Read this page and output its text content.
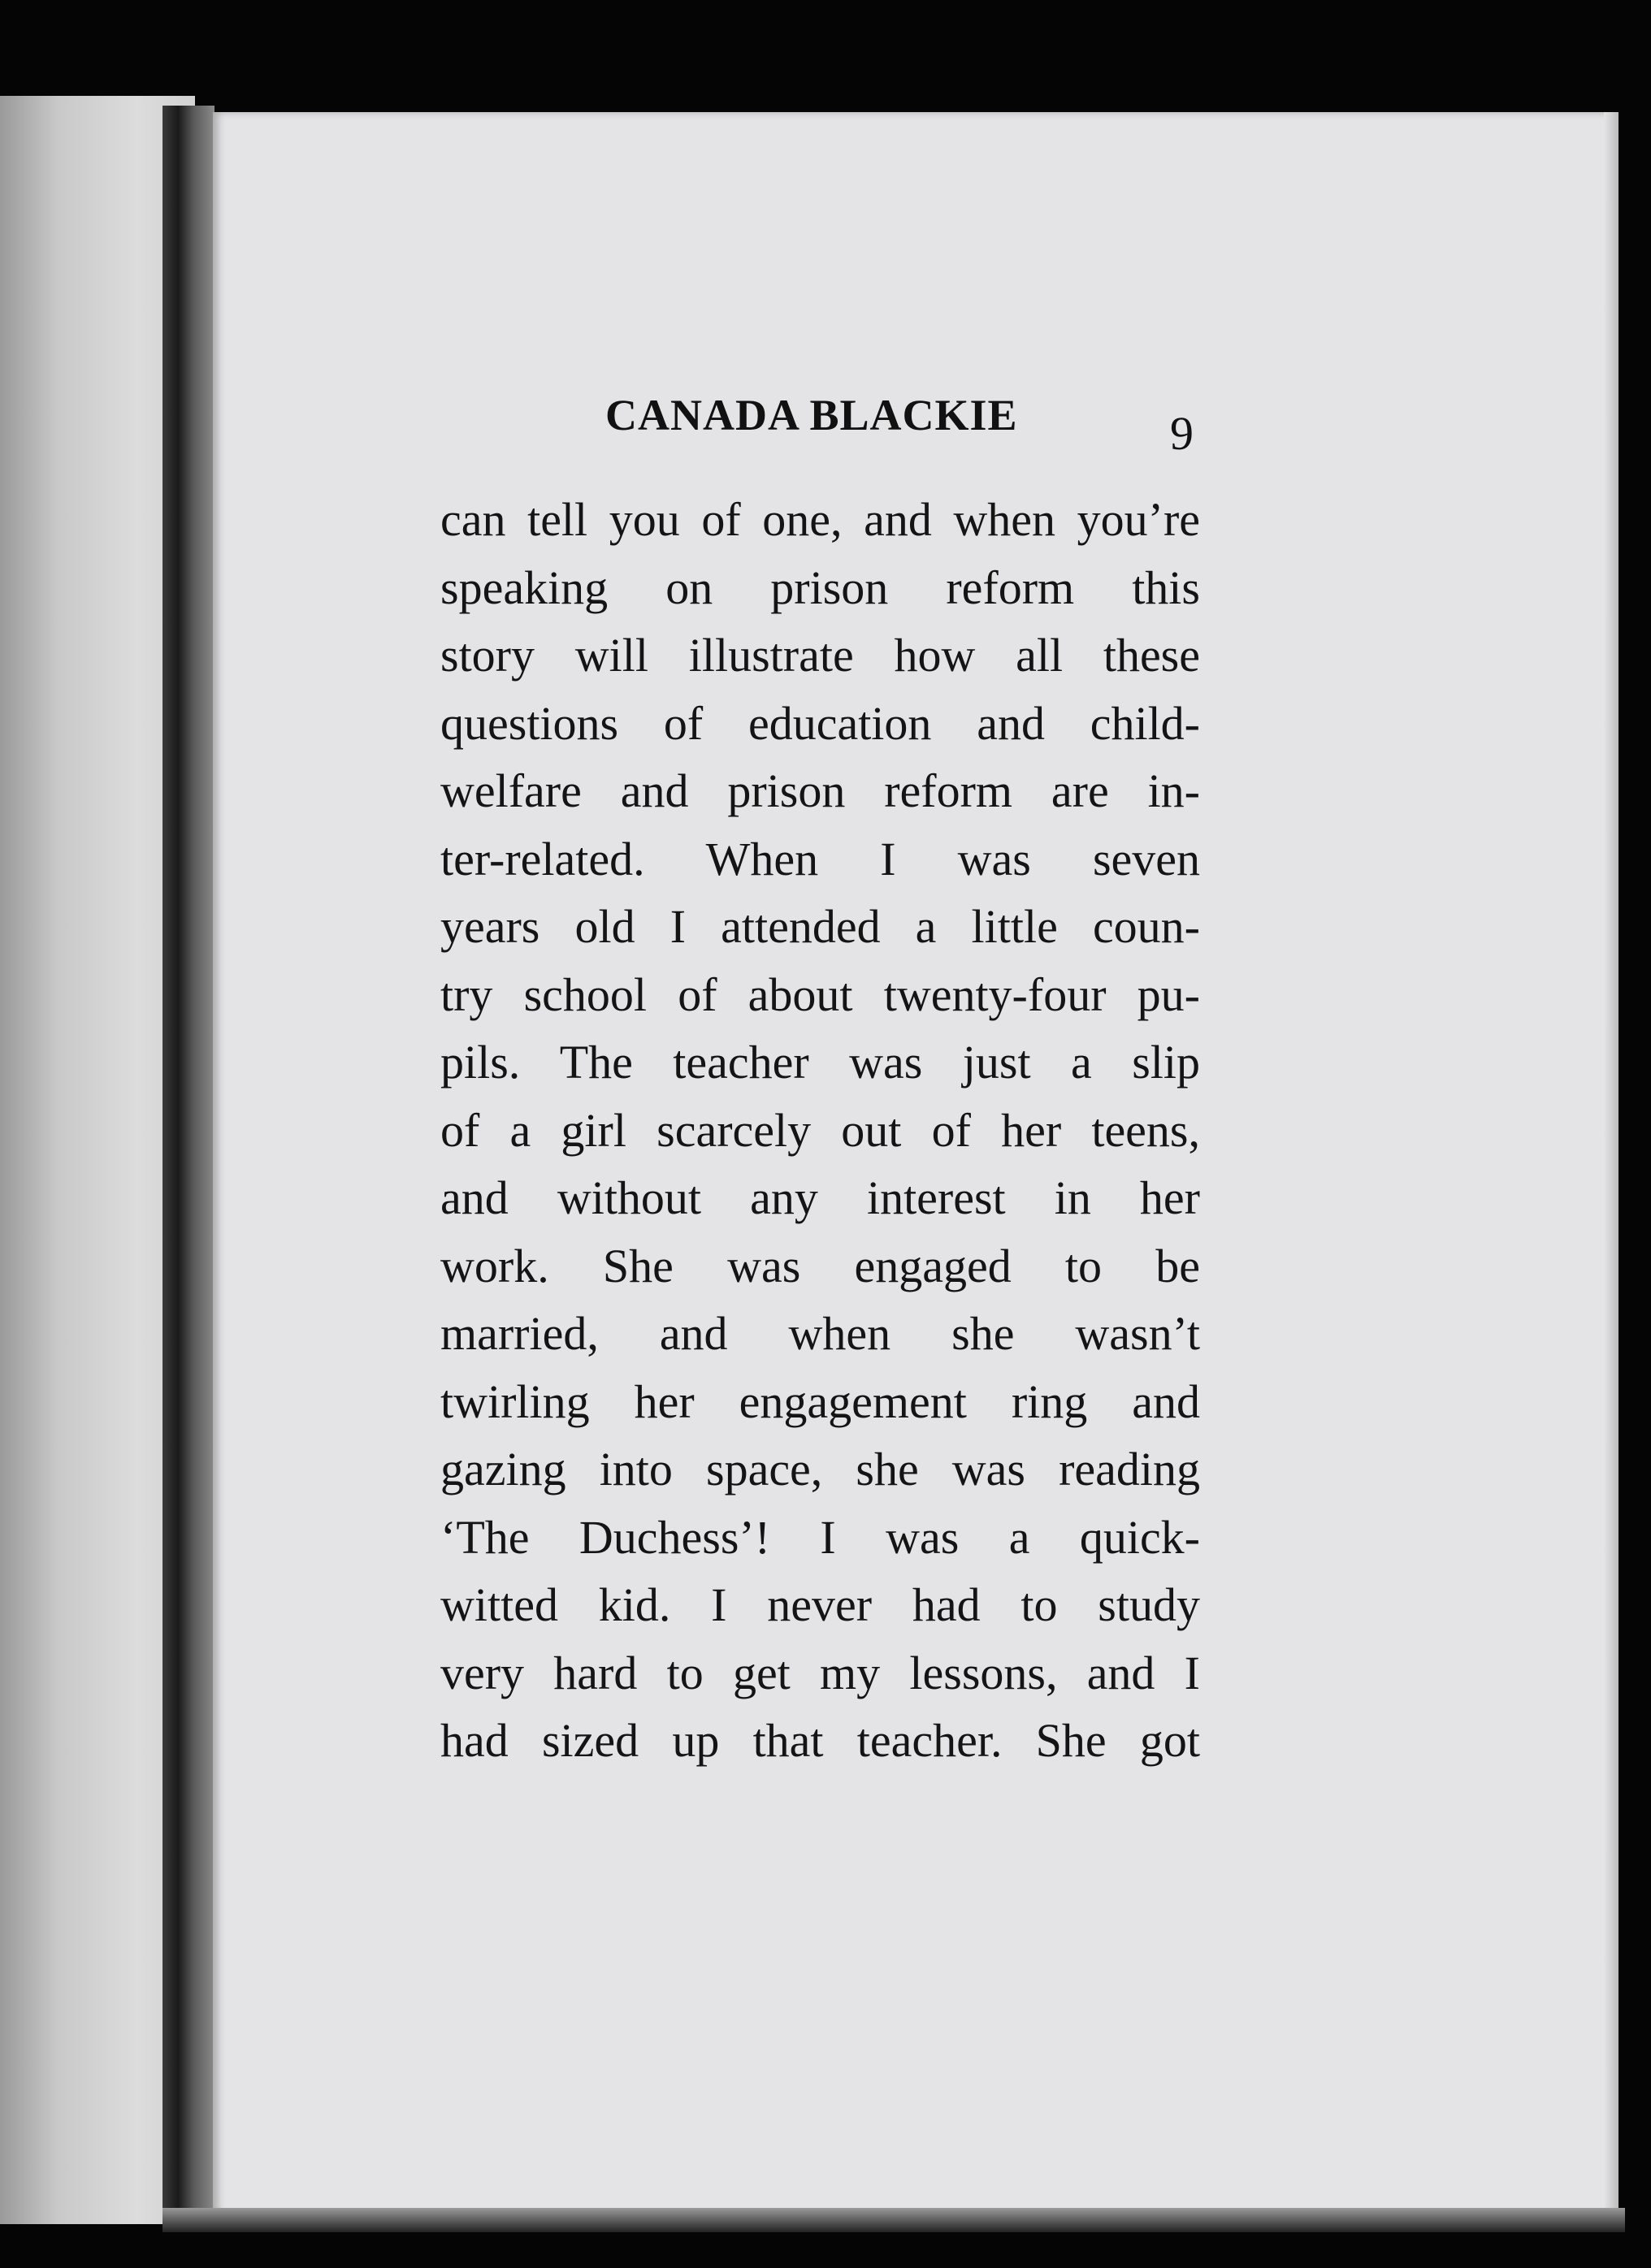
CANADA BLACKIE	9
can tell you of one, and when you’re
speaking on prison reform this
story will illustrate how all these
questions of education and child-
welfare and prison reform are in-
ter-related. When I was seven
years old I attended a little coun-
try school of about twenty-four pu-
pils. The teacher was just a slip
of a girl scarcely out of her teens,
and without any interest in her
work. She was engaged to be
married, and when she wasn’t
twirling her engagement ring and
gazing into space, she was reading
‘The Duchess’! I was a quick-
witted kid. I never had to study
very hard to get my lessons, and I
had sized up that teacher. She got
